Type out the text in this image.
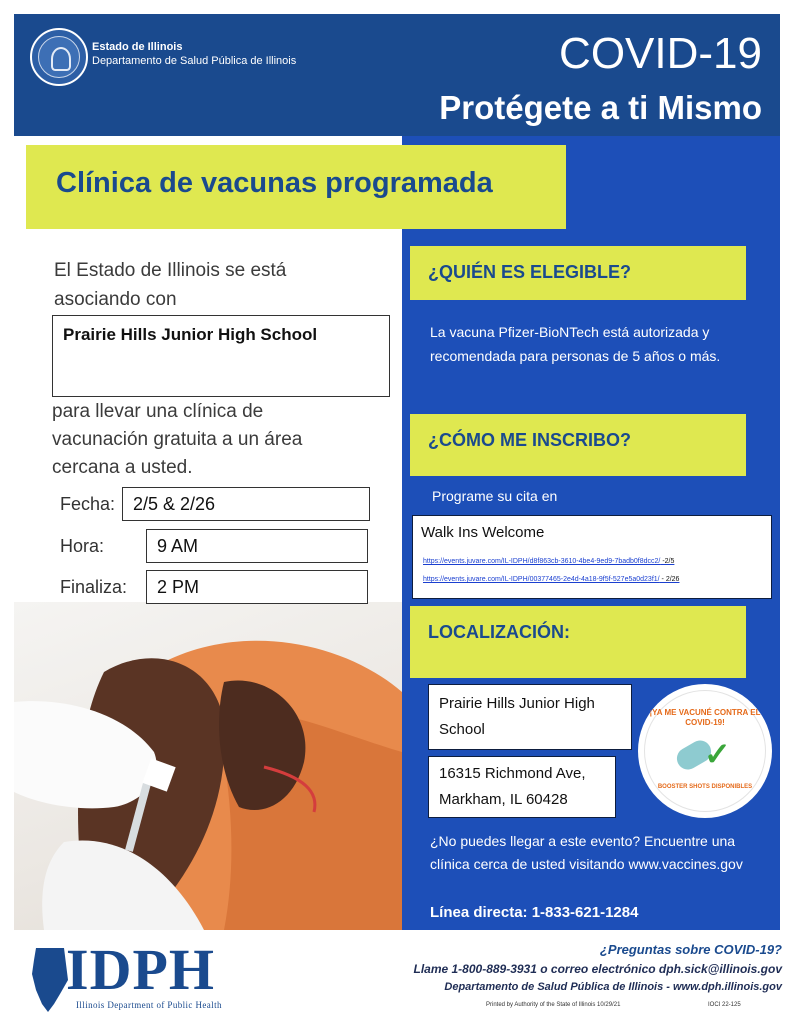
Estado de Illinois
Departamento de Salud Pública de Illinois	COVID-19
Protégete a ti Mismo
Clínica de vacunas programada
El Estado de Illinois se está asociando con
Prairie Hills Junior High School
para llevar una clínica de vacunación gratuita a un área cercana a usted.
Fecha: 2/5 & 2/26
Hora:	9 AM
Finaliza: 2 PM
¿QUIÉN ES ELEGIBLE?
La vacuna Pfizer-BioNTech está autorizada y recomendada para personas de 5 años o más.
¿CÓMO ME INSCRIBO?
Programe su cita en
Walk Ins Welcome
https://events.juvare.com/IL-IDPH/d8f863cb-3610-4be4-9ed9-7badb0f8dcc2/ -2/5
https://events.juvare.com/IL-IDPH/00377465-2e4d-4a18-9f5f-527e5a0d23f1/ - 2/26
LOCALIZACIÓN:
Prairie Hills Junior High School
16315 Richmond Ave, Markham, IL 60428
¡YA ME VACUNÉ CONTRA EL COVID-19!
✓
BOOSTER SHOTS DISPONIBLES
¿No puedes llegar a este evento? Encuentre una clínica cerca de usted visitando www.vaccines.gov
Línea directa: 1-833-621-1284
IDPH
Illinois Department of Public Health
¿Preguntas sobre COVID-19?
Llame 1-800-889-3931 o correo electrónico dph.sick@illinois.gov
Departamento de Salud Pública de Illinois - www.dph.illinois.gov
Printed by Authority of the State of Illinois 10/29/21	IOCI 22-125
